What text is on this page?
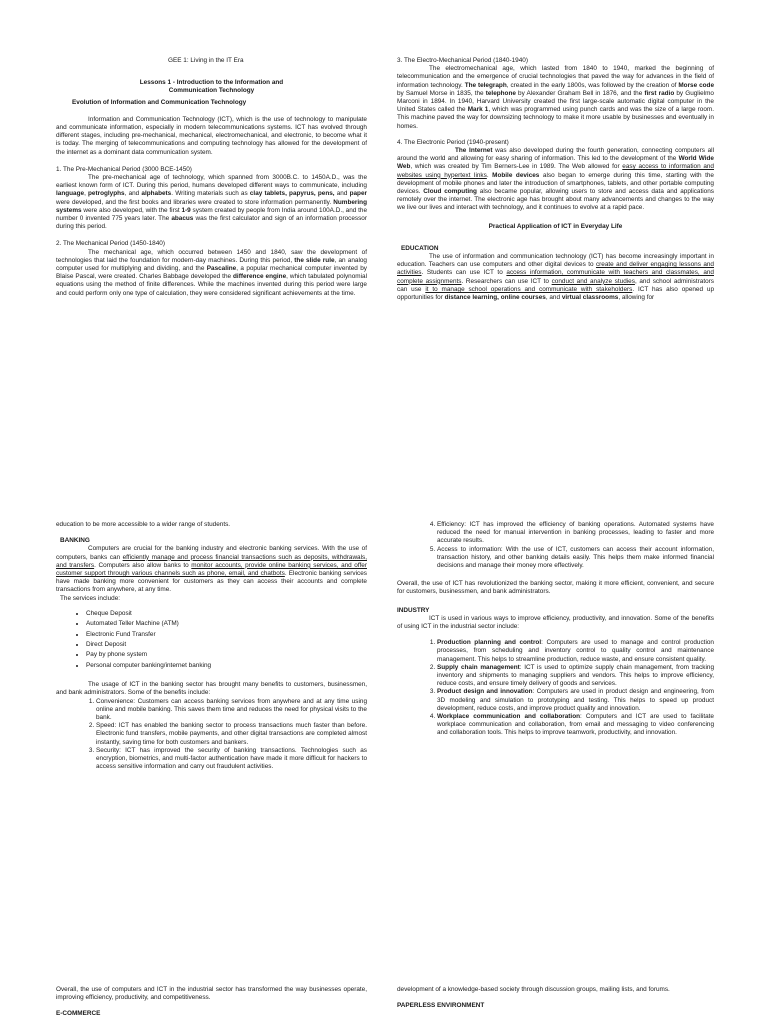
GEE 1: Living in the IT Era

Lessons 1 - Introduction to the Information and
Communication Technology

Evolution of Information and Communication Technology

Information and Communication Technology (ICT), which is the use of technology to manipulate and communicate information, especially in modern telecommunications systems. ICT has evolved through different stages, including pre-mechanical, mechanical, electromechanical, and electronic, to become what it is today. The merging of telecommunications and computing technology has allowed for the development of the internet as a dominant data communication system.

1. The Pre-Mechanical Period (3000 BCE-1450)

The pre-mechanical age of technology, which spanned from 3000B.C. to 1450A.D., was the earliest known form of ICT. During this period, humans developed different ways to communicate, including language, petroglyphs, and alphabets. Writing materials such as clay tablets, papyrus, pens, and paper were developed, and the first books and libraries were created to store information permanently. Numbering systems were also developed, with the first 1-9 system created by people from India around 100A.D., and the number 0 invented 775 years later. The abacus was the first calculator and sign of an information processor during this period.

2. The Mechanical Period (1450-1840)

The mechanical age, which occurred between 1450 and 1840, saw the development of technologies that laid the foundation for modern-day machines. During this period, the slide rule, an analog computer used for multiplying and dividing, and the Pascaline, a popular mechanical computer invented by Blaise Pascal, were created. Charles Babbage developed the difference engine, which tabulated polynomial equations using the method of finite differences. While the machines invented during this period were large and could perform only one type of calculation, they were considered significant achievements at the time.

3. The Electro-Mechanical Period (1840-1940)

The electromechanical age, which lasted from 1840 to 1940, marked the beginning of telecommunication and the emergence of crucial technologies that paved the way for advances in the field of information technology. The telegraph, created in the early 1800s, was followed by the creation of Morse code by Samuel Morse in 1835, the telephone by Alexander Graham Bell in 1876, and the first radio by Guglielmo Marconi in 1894. In 1940, Harvard University created the first large-scale automatic digital computer in the United States called the Mark 1, which was programmed using punch cards and was the size of a large room. This machine paved the way for downsizing technology to make it more usable by businesses and eventually in homes.

4. The Electronic Period (1940-present)

The Internet was also developed during the fourth generation, connecting computers all around the world and allowing for easy sharing of information. This led to the development of the World Wide Web, which was created by Tim Berners-Lee in 1989. The Web allowed for easy access to information and websites using hypertext links. Mobile devices also began to emerge during this time, starting with the development of mobile phones and later the introduction of smartphones, tablets, and other portable computing devices. Cloud computing also became popular, allowing users to store and access data and applications remotely over the internet. The electronic age has brought about many advancements and changes to the way we live our lives and interact with technology, and it continues to evolve at a rapid pace.

Practical Application of ICT in Everyday Life

EDUCATION

The use of information and communication technology (ICT) has become increasingly important in education. Teachers can use computers and other digital devices to create and deliver engaging lessons and activities. Students can use ICT to access information, communicate with teachers and classmates, and complete assignments. Researchers can use ICT to conduct and analyze studies, and school administrators can use it to manage school operations and communicate with stakeholders. ICT has also opened up opportunities for distance learning, online courses, and virtual classrooms, allowing for

education to be more accessible to a wider range of students.

BANKING

Computers are crucial for the banking industry and electronic banking services. With the use of computers, banks can efficiently manage and process financial transactions such as deposits, withdrawals, and transfers. Computers also allow banks to monitor accounts, provide online banking services, and offer customer support through various channels such as phone, email, and chatbots. Electronic banking services have made banking more convenient for customers as they can access their accounts and complete transactions from anywhere, at any time.

The services include:

• Cheque Deposit
• Automated Teller Machine (ATM)
• Electronic Fund Transfer
• Direct Deposit
• Pay by phone system
• Personal computer banking/internet banking

The usage of ICT in the banking sector has brought many benefits to customers, businessmen, and bank administrators. Some of the benefits include:

1. Convenience: Customers can access banking services from anywhere and at any time using online and mobile banking. This saves them time and reduces the need for physical visits to the bank.
2. Speed: ICT has enabled the banking sector to process transactions much faster than before. Electronic fund transfers, mobile payments, and other digital transactions are completed almost instantly, saving time for both customers and bankers.
3. Security: ICT has improved the security of banking transactions. Technologies such as encryption, biometrics, and multi-factor authentication have made it more difficult for hackers to access sensitive information and carry out fraudulent activities.
4. Efficiency: ICT has improved the efficiency of banking operations. Automated systems have reduced the need for manual intervention in banking processes, leading to faster and more accurate results.
5. Access to information: With the use of ICT, customers can access their account information, transaction history, and other banking details easily. This helps them make informed financial decisions and manage their money more effectively.

Overall, the use of ICT has revolutionized the banking sector, making it more efficient, convenient, and secure for customers, businessmen, and bank administrators.

INDUSTRY

ICT is used in various ways to improve efficiency, productivity, and innovation. Some of the benefits of using ICT in the industrial sector include:

1. Production planning and control: Computers are used to manage and control production processes, from scheduling and inventory control to quality control and maintenance management. This helps to streamline production, reduce waste, and ensure consistent quality.
2. Supply chain management: ICT is used to optimize supply chain management, from tracking inventory and shipments to managing suppliers and vendors. This helps to improve efficiency, reduce costs, and ensure timely delivery of goods and services.
3. Product design and innovation: Computers are used in product design and engineering, from 3D modeling and simulation to prototyping and testing. This helps to speed up product development, reduce costs, and improve product quality and innovation.
4. Workplace communication and collaboration: Computers and ICT are used to facilitate workplace communication and collaboration, from email and messaging to video conferencing and collaboration tools. This helps to improve teamwork, productivity, and innovation.

Overall, the use of computers and ICT in the industrial sector has transformed the way businesses operate, improving efficiency, productivity, and competitiveness.

E-COMMERCE

development of a knowledge-based society through discussion groups, mailing lists, and forums.

PAPERLESS ENVIRONMENT
